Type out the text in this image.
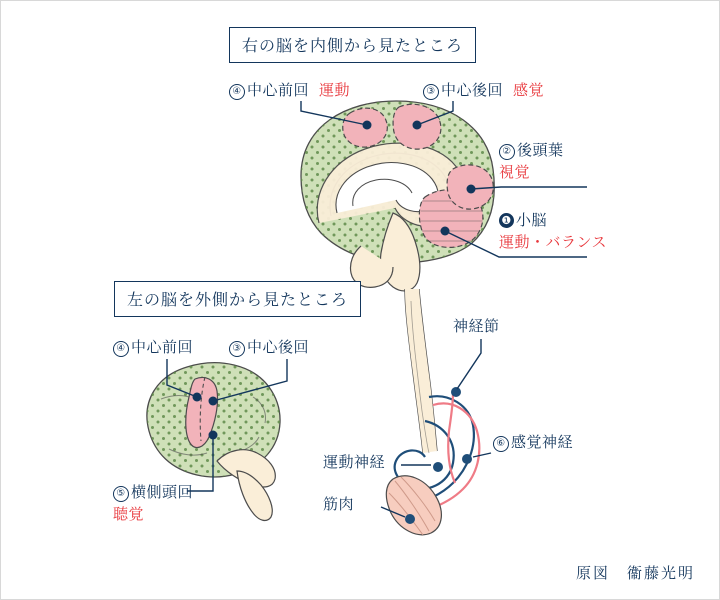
右の脳を内側から見たところ
左の脳を外側から見たところ
④ 中心前回 運動	③ 中心後回 感覚
② 後頭葉
視覚
❶ 小脳
運動・バランス
④ 中心前回	③ 中心後回
⑤ 横側頭回
聴覚
神経節
運動神経
⑥ 感覚神経
筋肉
原図　衞藤光明
